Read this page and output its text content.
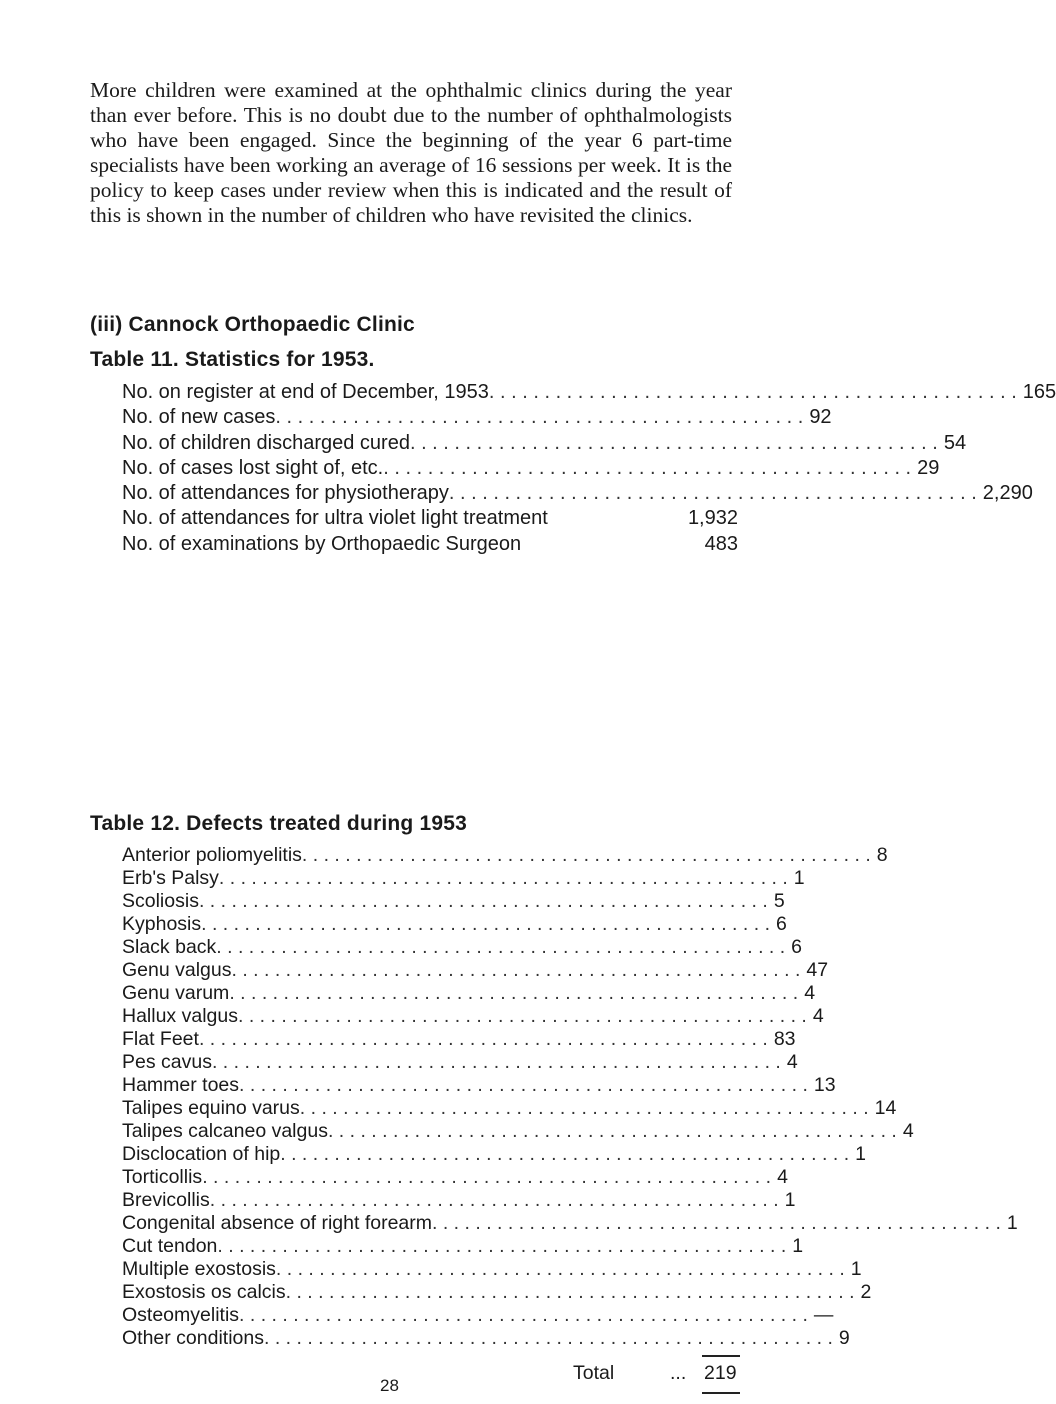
More children were examined at the ophthalmic clinics during the year than ever before. This is no doubt due to the number of ophthalmologists who have been engaged. Since the beginning of the year 6 part-time specialists have been working an average of 16 sessions per week. It is the policy to keep cases under review when this is indicated and the result of this is shown in the number of children who have revisited the clinics.

(iii) Cannock Orthopaedic Clinic
Table 11. Statistics for 1953.
No. on register at end of December, 1953 . . . . . . . . . . . . . . . . . . . . . . . . . . . . . . . . . . . . . . . . . . . . . . . . 165
No. of new cases . . . . . . . . . . . . . . . . . . . . . . . . . . . . . . . . . . . . . . . . . . . . . . . . 92
No. of children discharged cured . . . . . . . . . . . . . . . . . . . . . . . . . . . . . . . . . . . . . . . . . . . . . . . . 54
No. of cases lost sight of, etc. . . . . . . . . . . . . . . . . . . . . . . . . . . . . . . . . . . . . . . . . . . . . . . . . 29
No. of attendances for physiotherapy . . . . . . . . . . . . . . . . . . . . . . . . . . . . . . . . . . . . . . . . . . . . . . . . 2,290
No. of attendances for ultra violet light treatment	1,932
No. of examinations by Orthopaedic Surgeon	483
Table 12. Defects treated during 1953
Anterior poliomyelitis . . . . . . . . . . . . . . . . . . . . . . . . . . . . . . . . . . . . . . . . . . . . . . . . . . . . . 8
Erb's Palsy . . . . . . . . . . . . . . . . . . . . . . . . . . . . . . . . . . . . . . . . . . . . . . . . . . . . . 1
Scoliosis . . . . . . . . . . . . . . . . . . . . . . . . . . . . . . . . . . . . . . . . . . . . . . . . . . . . . 5
Kyphosis . . . . . . . . . . . . . . . . . . . . . . . . . . . . . . . . . . . . . . . . . . . . . . . . . . . . . 6
Slack back . . . . . . . . . . . . . . . . . . . . . . . . . . . . . . . . . . . . . . . . . . . . . . . . . . . . . 6
Genu valgus . . . . . . . . . . . . . . . . . . . . . . . . . . . . . . . . . . . . . . . . . . . . . . . . . . . . . 47
Genu varum . . . . . . . . . . . . . . . . . . . . . . . . . . . . . . . . . . . . . . . . . . . . . . . . . . . . . 4
Hallux valgus . . . . . . . . . . . . . . . . . . . . . . . . . . . . . . . . . . . . . . . . . . . . . . . . . . . . . 4
Flat Feet . . . . . . . . . . . . . . . . . . . . . . . . . . . . . . . . . . . . . . . . . . . . . . . . . . . . . 83
Pes cavus . . . . . . . . . . . . . . . . . . . . . . . . . . . . . . . . . . . . . . . . . . . . . . . . . . . . . 4
Hammer toes . . . . . . . . . . . . . . . . . . . . . . . . . . . . . . . . . . . . . . . . . . . . . . . . . . . . . 13
Talipes equino varus . . . . . . . . . . . . . . . . . . . . . . . . . . . . . . . . . . . . . . . . . . . . . . . . . . . . . 14
Talipes calcaneo valgus . . . . . . . . . . . . . . . . . . . . . . . . . . . . . . . . . . . . . . . . . . . . . . . . . . . . . 4
Disclocation of hip . . . . . . . . . . . . . . . . . . . . . . . . . . . . . . . . . . . . . . . . . . . . . . . . . . . . . 1
Torticollis . . . . . . . . . . . . . . . . . . . . . . . . . . . . . . . . . . . . . . . . . . . . . . . . . . . . . 4
Brevicollis . . . . . . . . . . . . . . . . . . . . . . . . . . . . . . . . . . . . . . . . . . . . . . . . . . . . . 1
Congenital absence of right forearm . . . . . . . . . . . . . . . . . . . . . . . . . . . . . . . . . . . . . . . . . . . . . . . . . . . . . 1
Cut tendon . . . . . . . . . . . . . . . . . . . . . . . . . . . . . . . . . . . . . . . . . . . . . . . . . . . . . 1
Multiple exostosis . . . . . . . . . . . . . . . . . . . . . . . . . . . . . . . . . . . . . . . . . . . . . . . . . . . . . 1
Exostosis os calcis . . . . . . . . . . . . . . . . . . . . . . . . . . . . . . . . . . . . . . . . . . . . . . . . . . . . . 2
Osteomyelitis . . . . . . . . . . . . . . . . . . . . . . . . . . . . . . . . . . . . . . . . . . . . . . . . . . . . . —
Other conditions . . . . . . . . . . . . . . . . . . . . . . . . . . . . . . . . . . . . . . . . . . . . . . . . . . . . . 9
Total	... 219
28
